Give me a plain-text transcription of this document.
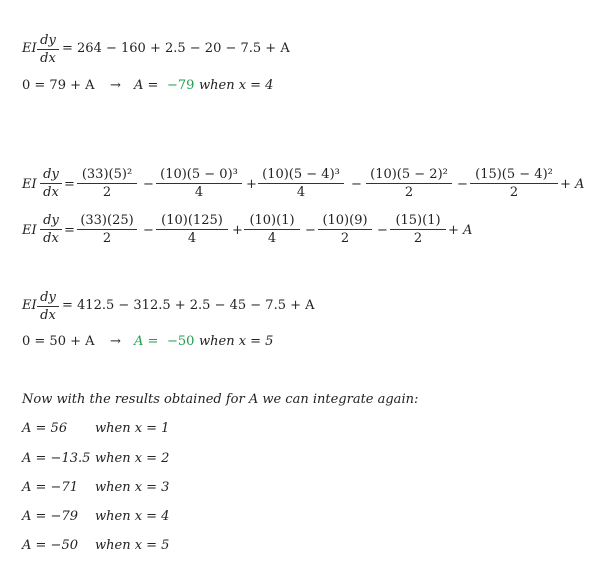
EI $\frac{dy}{dx} = 264 - 160 + 2.5 - 20 - 7.5 + A$
0 = 79 + A → A = −79 when x = 4
EI $\frac{dy}{dx} = \frac{\text{(33)(5)²}}{2} - \frac{\text{(10)(5 − 0)³}}{4} + \frac{\text{(10)(5 − 4)³}}{4} - \frac{\text{(10)(5 − 2)²}}{2} - \frac{\text{(15)(5 − 4)²}}{2} + A$
EI $\frac{dy}{dx} = \frac{(33)(25)}{2} - \frac{(10)(125)}{4} + \frac{(10)(1)}{4} - \frac{(10)(9)}{2} - \frac{(15)(1)}{2} + A$
EI $\frac{dy}{dx} = 412.5 - 312.5 + 2.5 - 45 - 7.5 + A$
0 = 50 + A → A = −50 when x = 5
Now with the results obtained for A we can integrate again:
A = 56 when x = 1
A = −13.5 when x = 2
A = −71 when x = 3
A = −79 when x = 4
A = −50 when x = 5
